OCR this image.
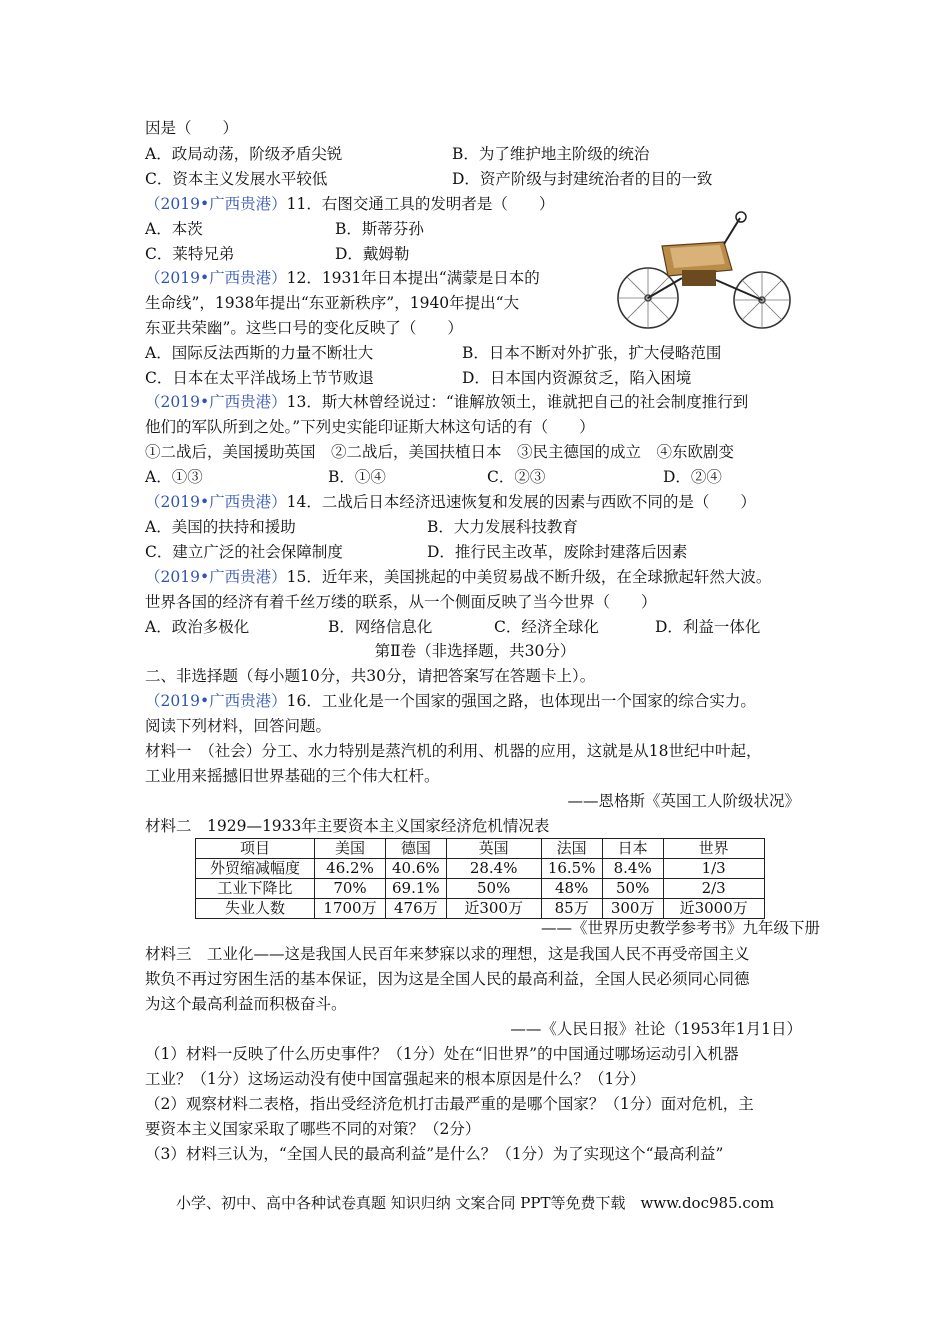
因是（　　）
A．政局动荡，阶级矛盾尖锐	B．为了维护地主阶级的统治
C．资本主义发展水平较低	D．资产阶级与封建统治者的目的一致
（2019•广西贵港）11．右图交通工具的发明者是（　　）
A．本茨	B．斯蒂芬孙
C．莱特兄弟	D．戴姆勒
（2019•广西贵港）12．1931年日本提出“满蒙是日本的
生命线”，1938年提出“东亚新秩序”，1940年提出“大
东亚共荣幽”。这些口号的变化反映了（　　）
A．国际反法西斯的力量不断壮大	B．日本不断对外扩张，扩大侵略范围
C．日本在太平洋战场上节节败退	D．日本国内资源贫乏，陷入困境
（2019•广西贵港）13．斯大林曾经说过：“谁解放领土，谁就把自己的社会制度推行到
他们的军队所到之处。”下列史实能印证斯大林这句话的有（　　）
①二战后，美国援助英国　②二战后，美国扶植日本　③民主德国的成立　④东欧剧变
A．①③	B．①④	C．②③	D．②④
（2019•广西贵港）14．二战后日本经济迅速恢复和发展的因素与西欧不同的是（　　）
A．美国的扶持和援助	B．大力发展科技教育
C．建立广泛的社会保障制度	D．推行民主改革，废除封建落后因素
（2019•广西贵港）15．近年来，美国挑起的中美贸易战不断升级，在全球掀起轩然大波。
世界各国的经济有着千丝万缕的联系，从一个侧面反映了当今世界（　　）
A．政治多极化	B．网络信息化	C．经济全球化	D．利益一体化
第Ⅱ卷（非选择题，共30分）
二、非选择题（每小题10分，共30分，请把答案写在答题卡上）。
（2019•广西贵港）16．工业化是一个国家的强国之路，也体现出一个国家的综合实力。
阅读下列材料，回答问题。
材料一　（社会）分工、水力特别是蒸汽机的利用、机器的应用，这就是从18世纪中叶起，
工业用来摇撼旧世界基础的三个伟大杠杆。
——恩格斯《英国工人阶级状况》
材料二　1929—1933年主要资本主义国家经济危机情况表
项目	美国	德国	英国	法国	日本	世界
外贸缩减幅度	46.2%	40.6%	28.4%	16.5%	8.4%	1/3
工业下降比	70%	69.1%	50%	48%	50%	2/3
失业人数	1700万	476万	近300万	85万	300万	近3000万
——《世界历史教学参考书》九年级下册
材料三　工业化——这是我国人民百年来梦寐以求的理想，这是我国人民不再受帝国主义
欺负不再过穷困生活的基本保证，因为这是全国人民的最高利益，全国人民必须同心同德
为这个最高利益而积极奋斗。
——《人民日报》社论（1953年1月1日）
（1）材料一反映了什么历史事件？（1分）处在“旧世界”的中国通过哪场运动引入机器
工业？（1分）这场运动没有使中国富强起来的根本原因是什么？（1分）
（2）观察材料二表格，指出受经济危机打击最严重的是哪个国家？（1分）面对危机，主
要资本主义国家采取了哪些不同的对策？（2分）
（3）材料三认为，“全国人民的最高利益”是什么？（1分）为了实现这个“最高利益”
小学、初中、高中各种试卷真题 知识归纳 文案合同 PPT等免费下载　www.doc985.com
